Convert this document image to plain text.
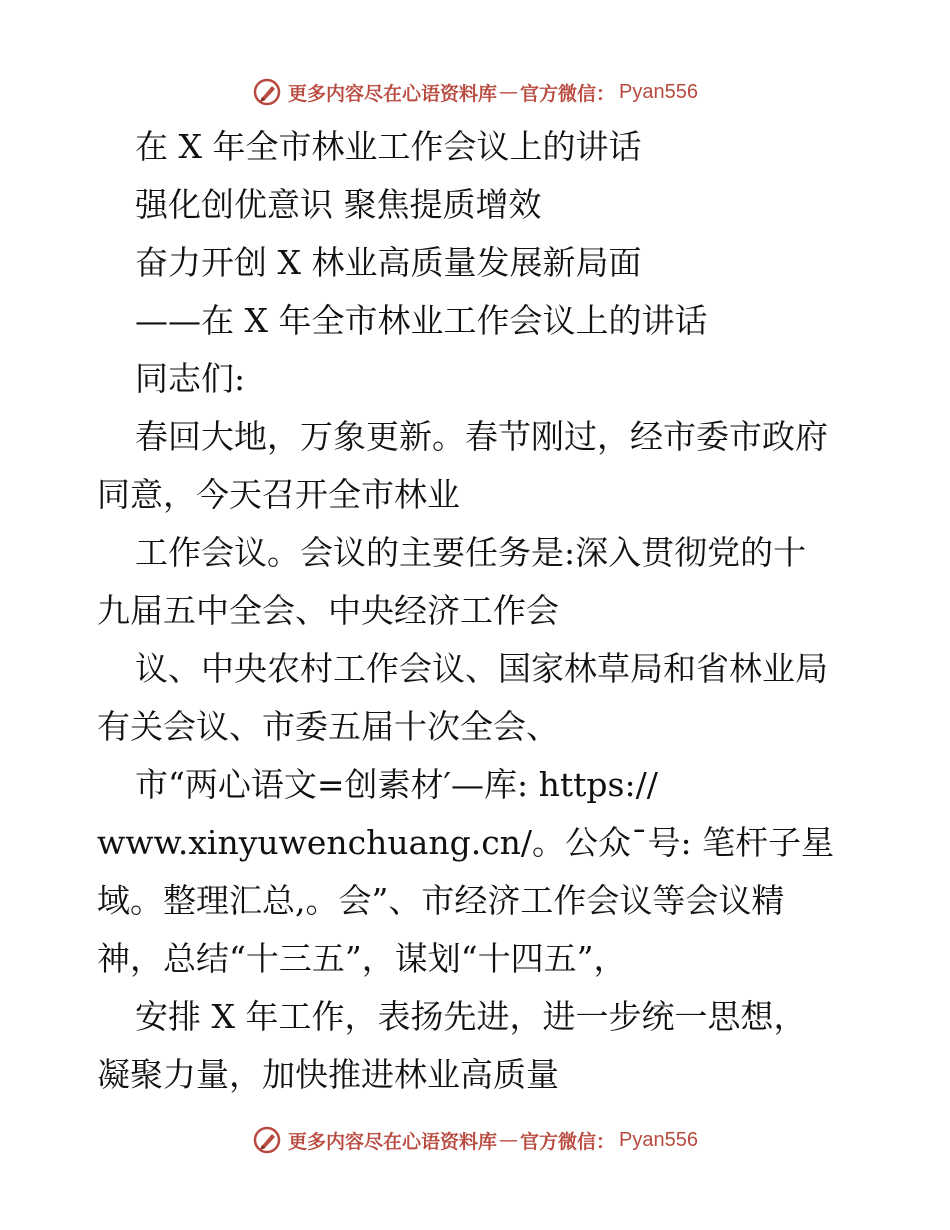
更多内容尽在心语资料库 — 官方微信： Pyan556
在 X 年全市林业工作会议上的讲话
强化创优意识 聚焦提质增效
奋力开创 X 林业高质量发展新局面
——在 X 年全市林业工作会议上的讲话
同志们:
春回大地，万象更新。春节刚过，经市委市政府
同意，今天召开全市林业
工作会议。会议的主要任务是:深入贯彻党的十
九届五中全会、中央经济工作会
议、中央农村工作会议、国家林草局和省林业局
有关会议、市委五届十次全会、
市“两心语文=创素材′—库: https://
www.xinyuwenchuang.cn/。公众¯号: 笔杆子星
域。整理汇总,。会”、市经济工作会议等会议精
神，总结“十三五”，谋划“十四五”，
安排 X 年工作，表扬先进，进一步统一思想，
凝聚力量，加快推进林业高质量
更多内容尽在心语资料库 — 官方微信： Pyan556
